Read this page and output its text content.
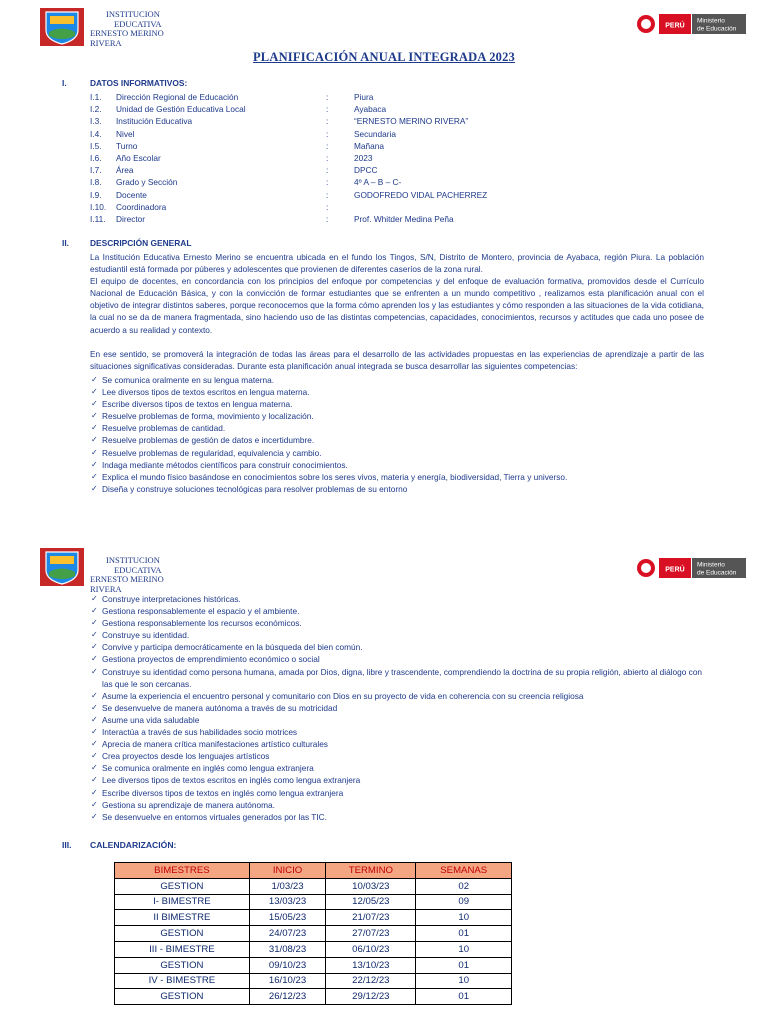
INSTITUCION
EDUCATIVA
ERNESTO MERINO
RIVERA
PERÚ
Ministerio
de Educación
PLANIFICACIÓN ANUAL INTEGRADA 2023
I.	DATOS INFORMATIVOS:
I.1.	Dirección Regional de Educación	:	Piura
I.2.	Unidad de Gestión Educativa Local	:	Ayabaca
I.3.	Institución Educativa	:	“ERNESTO MERINO RIVERA”
I.4.	Nivel	:	Secundaria
I.5.	Turno	:	Mañana
I.6.	Año Escolar	:	2023
I.7.	Área	:	DPCC
I.8.	Grado y Sección	:	4º A – B – C-
I.9.	Docente	:	GODOFREDO VIDAL PACHERREZ
I.10.	Coordinadora	:
I.11.	Director	:	Prof. Whitder Medina Peña
II.	DESCRIPCIÓN GENERAL

La Institución Educativa Ernesto Merino se encuentra ubicada en el fundo los Tingos, S/N, Distrito de Montero, provincia de Ayabaca, región Piura. La población estudiantil está formada por púberes y adolescentes que provienen de diferentes caseríos de la zona rural.

El equipo de docentes, en concordancia con los principios del enfoque por competencias y del enfoque de evaluación formativa, promovidos desde el Currículo Nacional de Educación Básica, y con la convicción de formar estudiantes que se enfrenten a un mundo competitivo , realizamos esta planificación anual con el objetivo de integrar distintos saberes, porque reconocemos que la forma cómo aprenden los y las estudiantes y cómo responden a las situaciones de la vida cotidiana, la cual no se da de manera fragmentada, sino haciendo uso de las distintas competencias, capacidades, conocimientos, recursos y actitudes que cada uno posee de acuerdo a su realidad y contexto.

En ese sentido, se promoverá la integración de todas las áreas para el desarrollo de las actividades propuestas en las experiencias de aprendizaje a partir de las situaciones significativas consideradas. Durante esta planificación anual integrada se busca desarrollar las siguientes competencias:

✓ Se comunica oralmente en su lengua materna.
✓ Lee diversos tipos de textos escritos en lengua materna.
✓ Escribe diversos tipos de textos en lengua materna.
✓ Resuelve problemas de forma, movimiento y localización.
✓ Resuelve problemas de cantidad.
✓ Resuelve problemas de gestión de datos e incertidumbre.
✓ Resuelve problemas de regularidad, equivalencia y cambio.
✓ Indaga mediante métodos científicos para construir conocimientos.
✓ Explica el mundo físico basándose en conocimientos sobre los seres vivos, materia y energía, biodiversidad, Tierra y universo.
✓ Diseña y construye soluciones tecnológicas para resolver problemas de su entorno
INSTITUCION
EDUCATIVA
ERNESTO MERINO
RIVERA
PERÚ
Ministerio
de Educación
✓ Construye interpretaciones históricas.
✓ Gestiona responsablemente el espacio y el ambiente.
✓ Gestiona responsablemente los recursos económicos.
✓ Construye su identidad.
✓ Convive y participa democráticamente en la búsqueda del bien común.
✓ Gestiona proyectos de emprendimiento económico o social
✓ Construye su identidad como persona humana, amada por Dios, digna, libre y trascendente, comprendiendo la doctrina de su propia religión, abierto al diálogo con las que le son cercanas.
✓ Asume la experiencia el encuentro personal y comunitario con Dios en su proyecto de vida en coherencia con su creencia religiosa
✓ Se desenvuelve de manera autónoma a través de su motricidad
✓ Asume una vida saludable
✓ Interactúa a través de sus habilidades socio motrices
✓ Aprecia de manera crítica manifestaciones artístico culturales
✓ Crea proyectos desde los lenguajes artísticos
✓ Se comunica oralmente en inglés como lengua extranjera
✓ Lee diversos tipos de textos escritos en inglés como lengua extranjera
✓ Escribe diversos tipos de textos en inglés como lengua extranjera
✓ Gestiona su aprendizaje de manera autónoma.
✓ Se desenvuelve en entornos virtuales generados por las TIC.
III. CALENDARIZACIÓN:
BIMESTRES	INICIO	TERMINO	SEMANAS
GESTION	1/03/23	10/03/23	02
I- BIMESTRE	13/03/23	12/05/23	09
II BIMESTRE	15/05/23	21/07/23	10
GESTION	24/07/23	27/07/23	01
III - BIMESTRE	31/08/23	06/10/23	10
GESTION	09/10/23	13/10/23	01
IV - BIMESTRE	16/10/23	22/12/23	10
GESTION	26/12/23	29/12/23	01
